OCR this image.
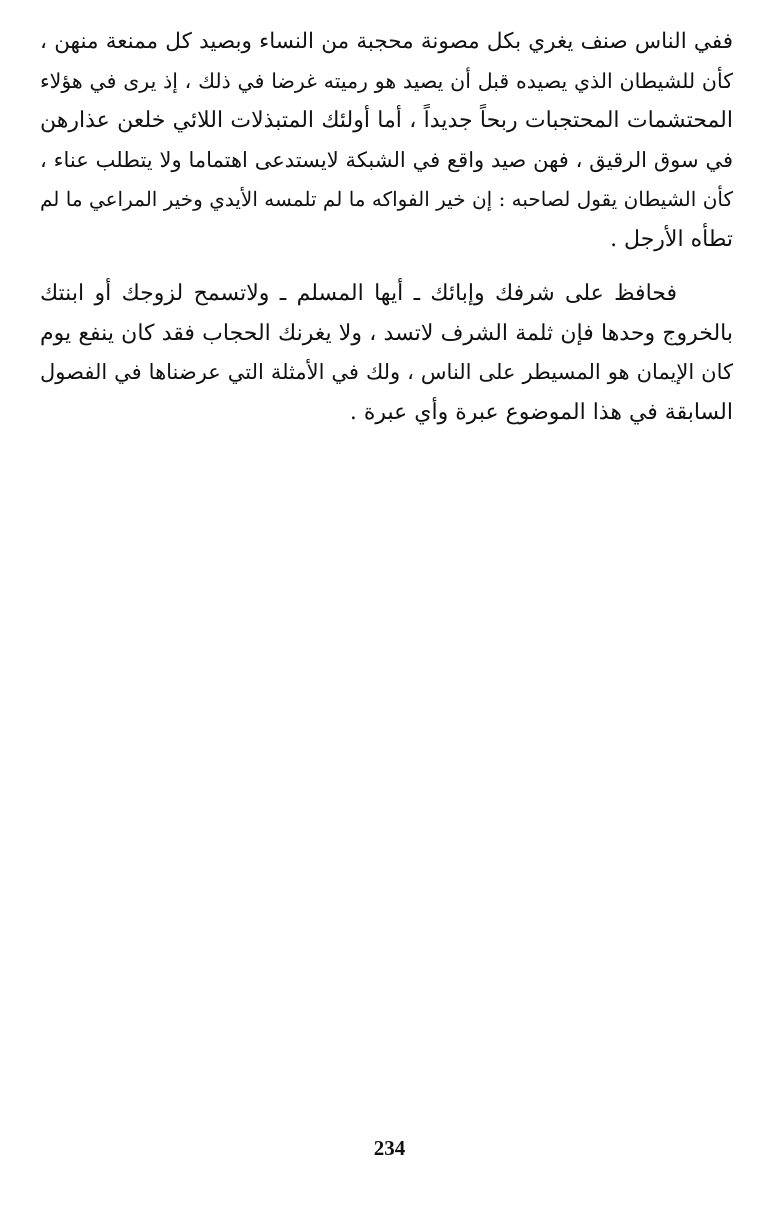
ففي الناس صنف يغري بكل مصونة محجبة من النساء وبصيد كل ممنعة منهن ،
كأن للشيطان الذي يصيده قبل أن يصيد هو رميته غرضا في ذلك ، إذ يرى في هؤلاء
المحتشمات المحتجبات ربحاً جديداً ، أما أولئك المتبذلات اللائي خلعن عذارهن
في سوق الرقيق ، فهن صيد واقع في الشبكة لايستدعى اهتماما ولا يتطلب عناء ،
كأن الشيطان يقول لصاحبه : إن خير الفواكه ما لم تلمسه الأيدي وخير المراعي ما لم
تطأه الأرجل .
فحافظ على شرفك وإبائك ـ أيها المسلم ـ ولاتسمح لزوجك أو ابنتك
بالخروج وحدها فإن ثلمة الشرف لاتسد ، ولا يغرنك الحجاب فقد كان ينفع يوم
كان الإيمان هو المسيطر على الناس ، ولك في الأمثلة التي عرضناها في الفصول
السابقة في هذا الموضوع عبرة وأي عبرة .
234
